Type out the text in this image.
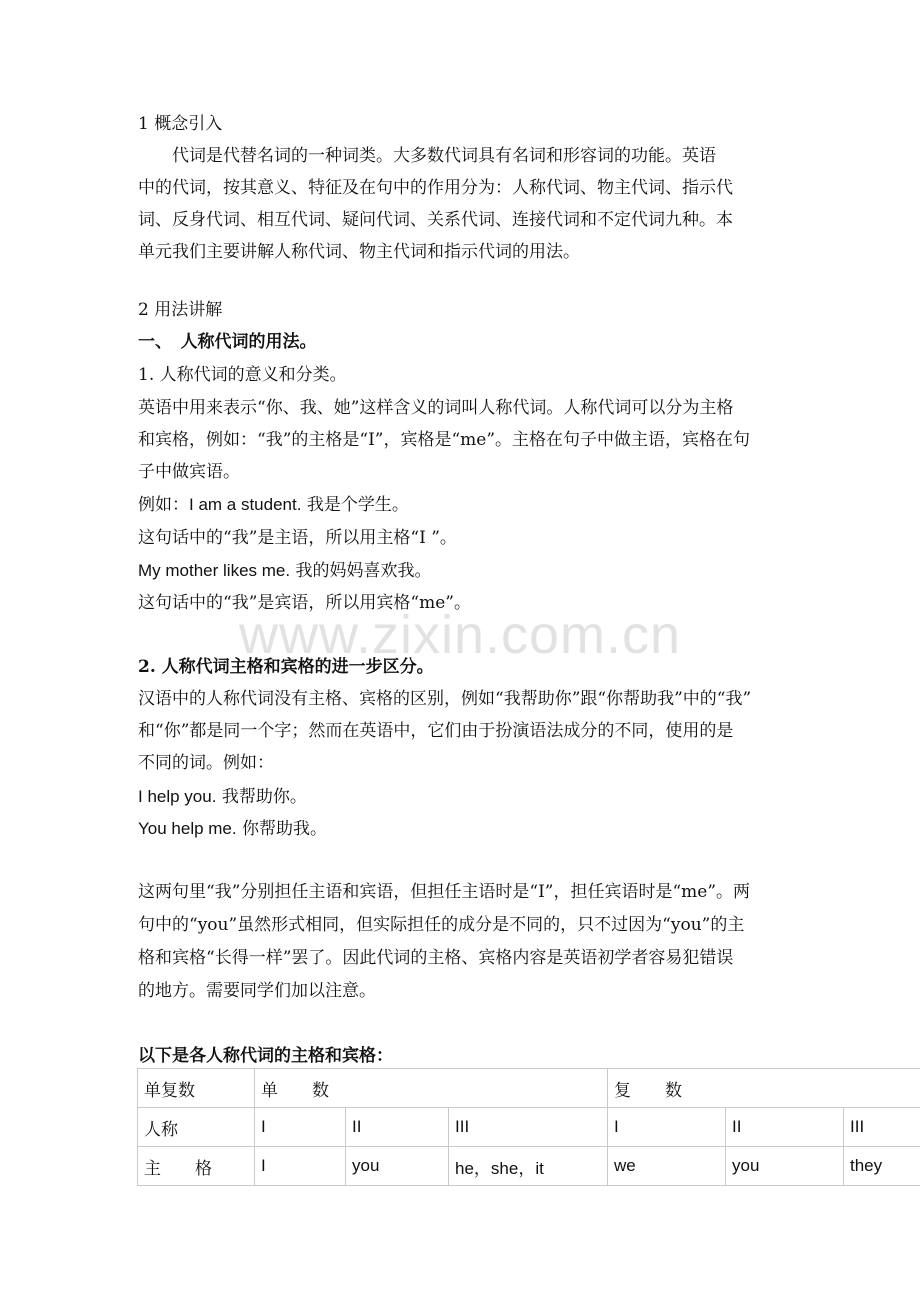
1 概念引入
　　代词是代替名词的一种词类。大多数代词具有名词和形容词的功能。英语
中的代词，按其意义、特征及在句中的作用分为：人称代词、物主代词、指示代
词、反身代词、相互代词、疑问代词、关系代词、连接代词和不定代词九种。本
单元我们主要讲解人称代词、物主代词和指示代词的用法。
2 用法讲解
一、　人称代词的用法。
1. 人称代词的意义和分类。
英语中用来表示“你、我、她”这样含义的词叫人称代词。人称代词可以分为主格
和宾格，例如：“我”的主格是“I”，宾格是“me”。主格在句子中做主语，宾格在句
子中做宾语。
例如：I am a student. 我是个学生。
这句话中的“我”是主语，所以用主格“I ”。
My mother likes me. 我的妈妈喜欢我。
这句话中的“我”是宾语，所以用宾格“me”。
www.zixin.com.cn
2. 人称代词主格和宾格的进一步区分。
汉语中的人称代词没有主格、宾格的区别，例如“我帮助你”跟“你帮助我”中的“我”
和“你”都是同一个字；然而在英语中，它们由于扮演语法成分的不同，使用的是
不同的词。例如：
I help you. 我帮助你。
You help me. 你帮助我。
这两句里“我”分别担任主语和宾语，但担任主语时是“I”，担任宾语时是“me”。两
句中的“you”虽然形式相同，但实际担任的成分是不同的，只不过因为“you”的主
格和宾格“长得一样”罢了。因此代词的主格、宾格内容是英语初学者容易犯错误
的地方。需要同学们加以注意。
以下是各人称代词的主格和宾格：
单复数	单　　数			复　　数		
人称	I	II	III	I	II	III
主　　格	I	you	he，she，it	we	you	they
